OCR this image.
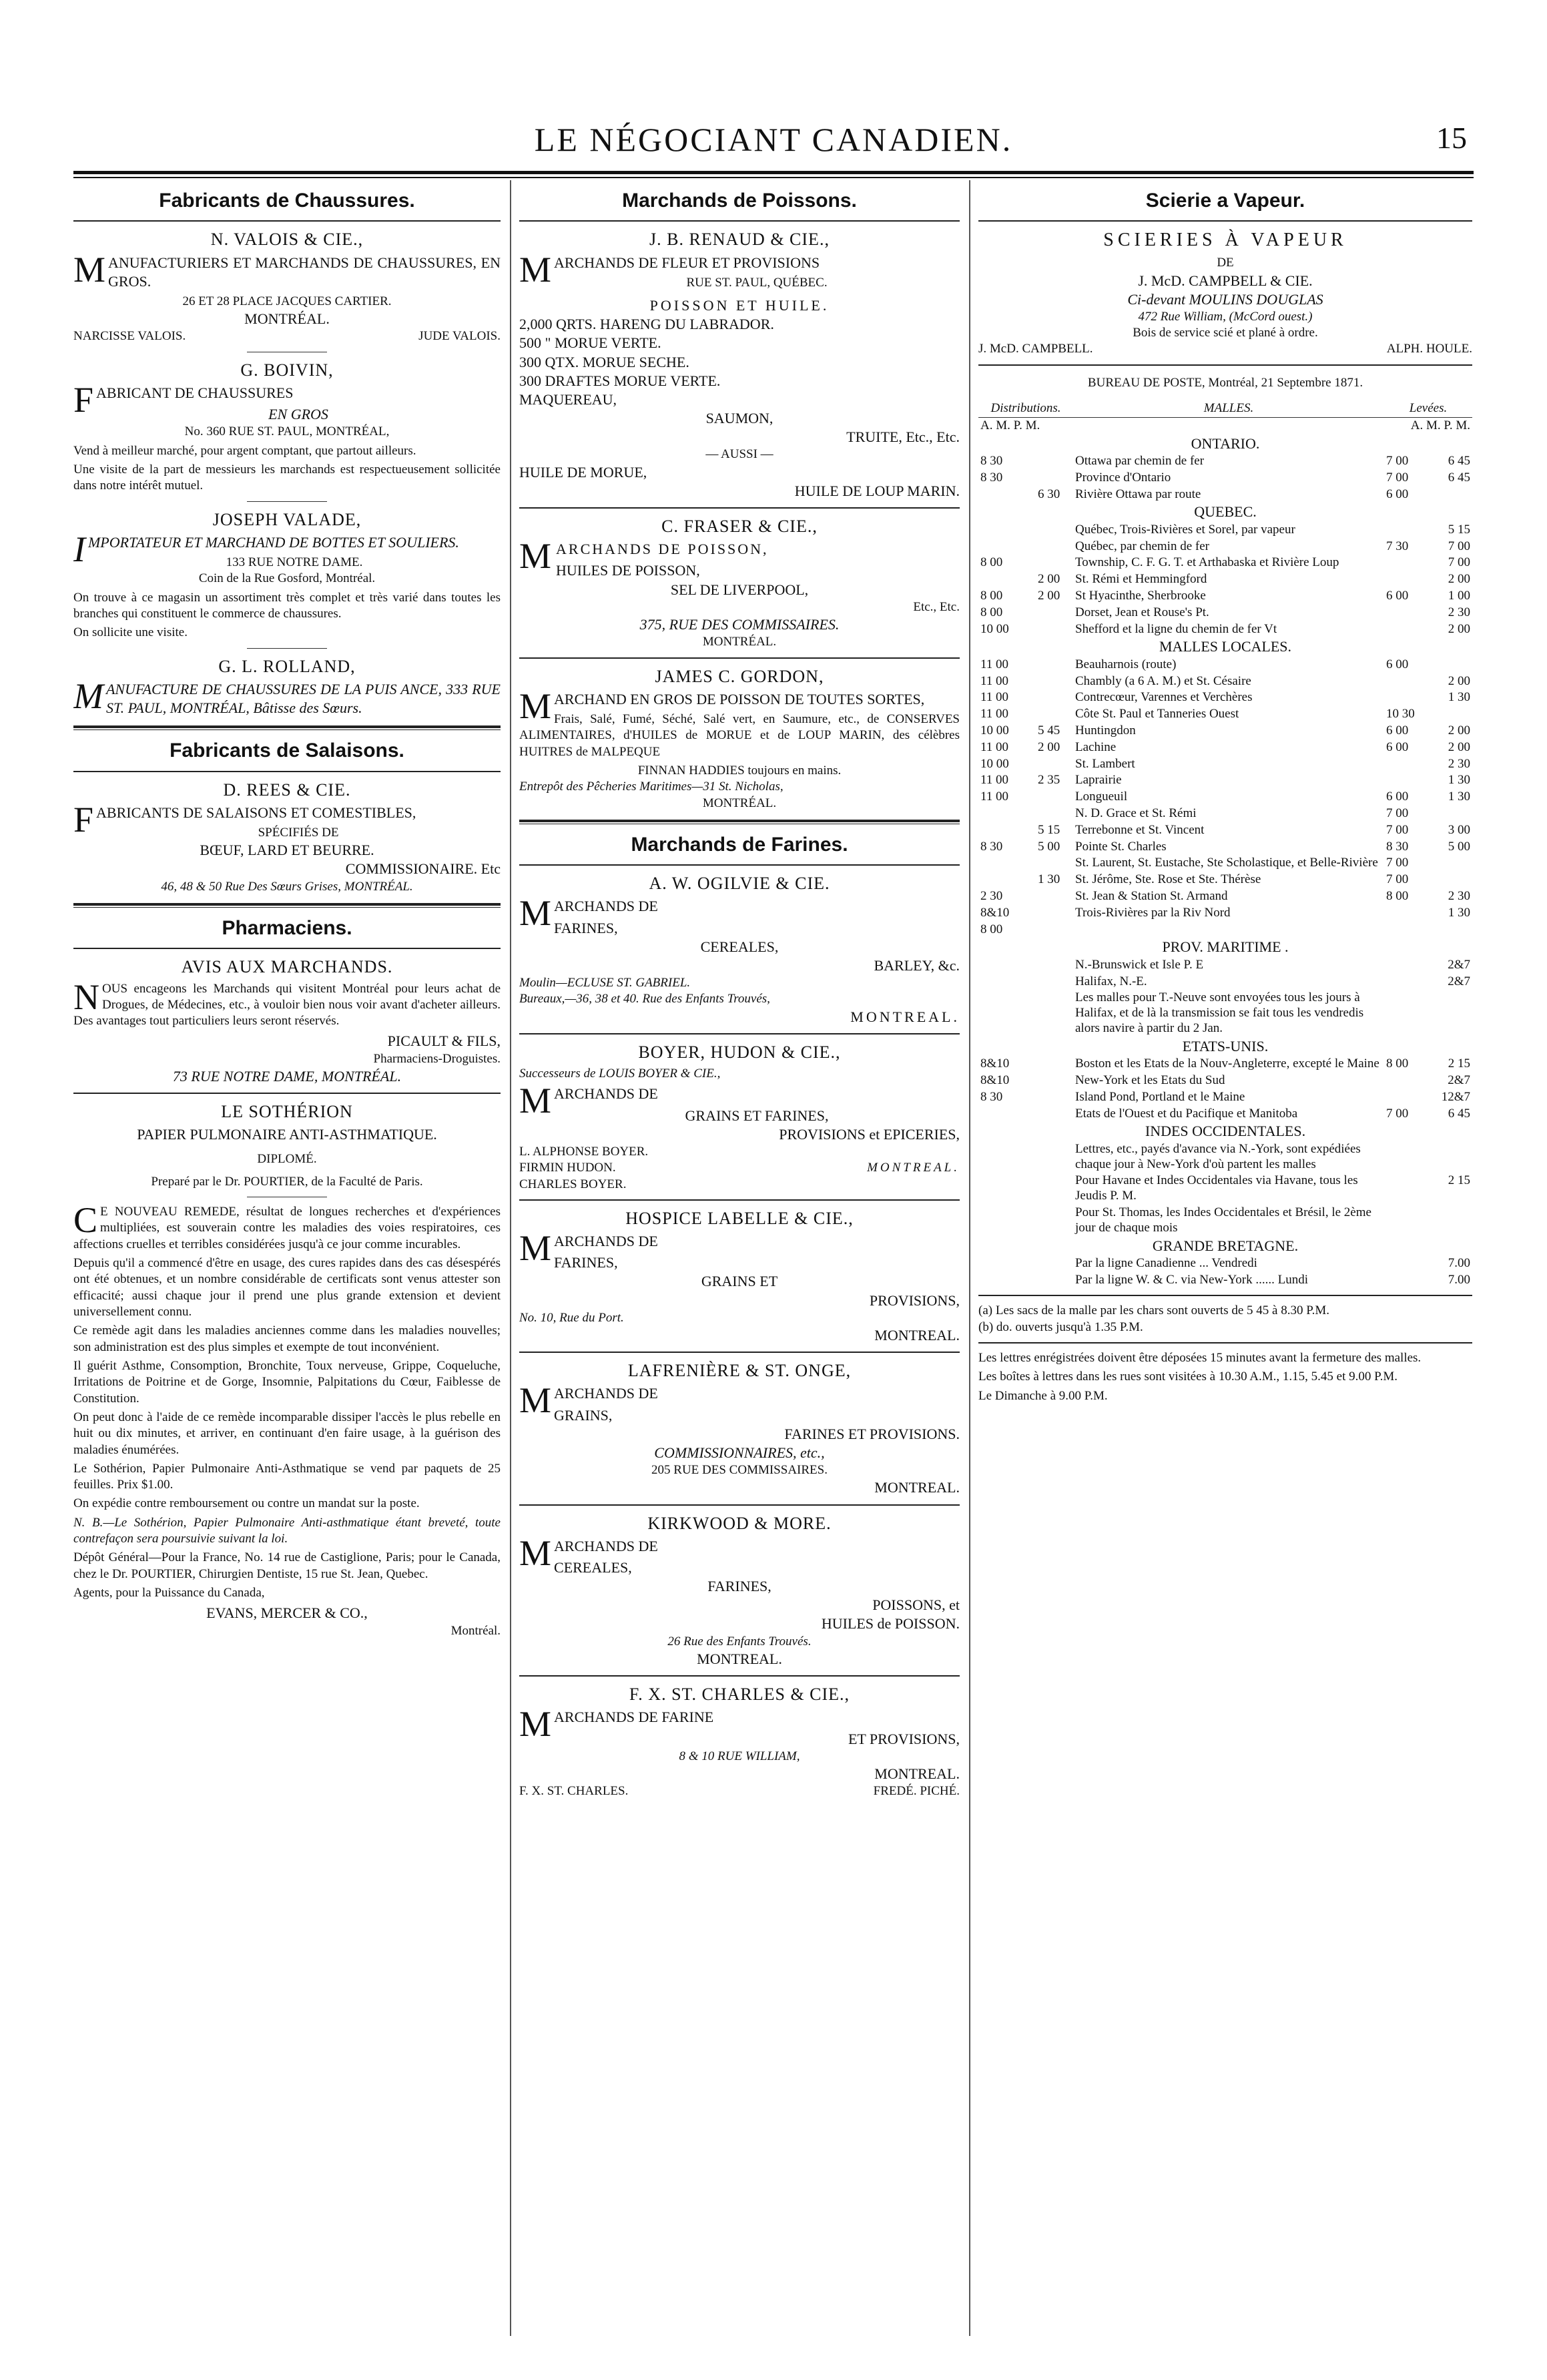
LE NÉGOCIANT CANADIEN.	15
Fabricants de Chaussures.
N. VALOIS & CIE.,
MANUFACTURIERS ET MARCHANDS DE CHAUSSURES, EN GROS.
26 ET 28 PLACE JACQUES CARTIER.
MONTRÉAL.
NARCISSE VALOIS.	JUDE VALOIS.
G. BOIVIN,
FABRICANT DE CHAUSSURES
EN GROS
No. 360 RUE ST. PAUL, MONTRÉAL,
Vend à meilleur marché, pour argent comptant, que partout ailleurs.
Une visite de la part de messieurs les marchands est respectueusement sollicitée dans notre intérêt mutuel.
JOSEPH VALADE,
IMPORTATEUR ET MARCHAND DE BOTTES ET SOULIERS.
133 RUE NOTRE DAME.
Coin de la Rue Gosford, Montréal.
On trouve à ce magasin un assortiment très complet et très varié dans toutes les branches qui constituent le commerce de chaussures.
On sollicite une visite.
G. L. ROLLAND,
MANUFACTURE DE CHAUSSURES DE LA PUIS ANCE, 333 RUE ST. PAUL, MONTRÉAL, Bâtisse des Sœurs.
Fabricants de Salaisons.
D. REES & CIE.
FABRICANTS DE SALAISONS ET COMESTIBLES,
SPÉCIFIÉS DE
BŒUF, LARD ET BEURRE.
COMMISSIONAIRE. Etc
46, 48 & 50 Rue Des Sœurs Grises, MONTRÉAL.
Pharmaciens.
AVIS AUX MARCHANDS.
NOUS encageons les Marchands qui visitent Montréal pour leurs achat de Drogues, de Médecines, etc., à vouloir bien nous voir avant d'acheter ailleurs. Des avantages tout particuliers leurs seront réservés.
PICAULT & FILS,
Pharmaciens-Droguistes.
73 RUE NOTRE DAME, MONTRÉAL.
LE SOTHÉRION
PAPIER PULMONAIRE ANTI-ASTHMATIQUE.
DIPLOMÉ.
Preparé par le Dr. POURTIER, de la Faculté de Paris.
CE NOUVEAU REMEDE, résultat de longues recherches et d'expériences multipliées, est souverain contre les maladies des voies respiratoires, ces affections cruelles et terribles considérées jusqu'à ce jour comme incurables.
Depuis qu'il a commencé d'être en usage, des cures rapides dans des cas désespérés ont été obtenues, et un nombre considérable de certificats sont venus attester son efficacité; aussi chaque jour il prend une plus grande extension et devient universellement connu.
Ce remède agit dans les maladies anciennes comme dans les maladies nouvelles; son administration est des plus simples et exempte de tout inconvénient.
Il guérit Asthme, Consomption, Bronchite, Toux nerveuse, Grippe, Coqueluche, Irritations de Poitrine et de Gorge, Insomnie, Palpitations du Cœur, Faiblesse de Constitution.
On peut donc à l'aide de ce remède incomparable dissiper l'accès le plus rebelle en huit ou dix minutes, et arriver, en continuant d'en faire usage, à la guérison des maladies énumérées.
Le Sothérion, Papier Pulmonaire Anti-Asthmatique se vend par paquets de 25 feuilles. Prix $1.00.
On expédie contre remboursement ou contre un mandat sur la poste.
N. B.—Le Sothérion, Papier Pulmonaire Anti-asthmatique étant breveté, toute contrefaçon sera poursuivie suivant la loi.
Dépôt Général—Pour la France, No. 14 rue de Castiglione, Paris; pour le Canada, chez le Dr. POURTIER, Chirurgien Dentiste, 15 rue St. Jean, Quebec.
Agents, pour la Puissance du Canada,
EVANS, MERCER & CO.,
Montréal.
Marchands de Poissons.
J. B. RENAUD & CIE.,
MARCHANDS DE FLEUR ET PROVISIONS
RUE ST. PAUL, QUÉBEC.
POISSON ET HUILE.
2,000 QRTS. HARENG DU LABRADOR.
500 " MORUE VERTE.
300 QTX. MORUE SECHE.
300 DRAFTES MORUE VERTE.
MAQUEREAU,
SAUMON,
TRUITE, Etc., Etc.
— AUSSI —
HUILE DE MORUE,
HUILE DE LOUP MARIN.
C. FRASER & CIE.,
MARCHANDS DE POISSON,
HUILES DE POISSON,
SEL DE LIVERPOOL,
Etc., Etc.
375, RUE DES COMMISSAIRES.
MONTRÉAL.
JAMES C. GORDON,
MARCHAND EN GROS DE POISSON DE TOUTES SORTES,
Frais, Salé, Fumé, Séché, Salé vert, en Saumure, etc., de CONSERVES ALIMENTAIRES, d'HUILES de MORUE et de LOUP MARIN, des célèbres HUITRES de MALPEQUE
FINNAN HADDIES toujours en mains.
Entrepôt des Pêcheries Maritimes—31 St. Nicholas,
MONTRÉAL.
Marchands de Farines.
A. W. OGILVIE & CIE.
MARCHANDS DE
FARINES,
CEREALES,
BARLEY, &c.
Moulin—ECLUSE ST. GABRIEL.
Bureaux,—36, 38 et 40. Rue des Enfants Trouvés,
MONTREAL.
BOYER, HUDON & CIE.,
Successeurs de LOUIS BOYER & CIE.,
MARCHANDS DE
GRAINS ET FARINES,
PROVISIONS et EPICERIES,
L. ALPHONSE BOYER.
FIRMIN HUDON.	MONTREAL.
CHARLES BOYER.
HOSPICE LABELLE & CIE.,
MARCHANDS DE
FARINES,
GRAINS ET
PROVISIONS,
No. 10, Rue du Port.
MONTREAL.
LAFRENIÈRE & ST. ONGE,
MARCHANDS DE
GRAINS,
FARINES ET PROVISIONS.
COMMISSIONNAIRES, etc.,
205 RUE DES COMMISSAIRES.
MONTREAL.
KIRKWOOD & MORE.
MARCHANDS DE
CEREALES,
FARINES,
POISSONS, et
HUILES de POISSON.
26 Rue des Enfants Trouvés.
MONTREAL.
F. X. ST. CHARLES & CIE.,
MARCHANDS DE FARINE
ET PROVISIONS,
8 & 10 RUE WILLIAM,
MONTREAL.
F. X. ST. CHARLES.	FREDÉ. PICHÉ.
Scierie a Vapeur.
SCIERIES À VAPEUR
DE
J. McD. CAMPBELL & CIE.
Ci-devant MOULINS DOUGLAS
472 Rue William, (McCord ouest.)
Bois de service scié et plané à ordre.
J. McD. CAMPBELL.	ALPH. HOULE.
BUREAU DE POSTE, Montréal, 21 Septembre 1871.
Distributions.		MALLES.	Levées.	
A. M. P. M.			A. M. P. M.	
ONTARIO.				
8 30		Ottawa par chemin de fer	7 00	6 45
8 30		Province d'Ontario	7 00	6 45
	6 30	Rivière Ottawa par route	6 00	
QUEBEC.				
		Québec, Trois-Rivières et Sorel, par vapeur		5 15
		Québec, par chemin de fer	7 30	7 00
8 00		Township, C. F. G. T. et Arthabaska et Rivière Loup		7 00
	2 00	St. Rémi et Hemmingford		2 00
8 00	2 00	St Hyacinthe, Sherbrooke	6 00	1 00
8 00		Dorset, Jean et Rouse's Pt.		2 30
10 00		Shefford et la ligne du chemin de fer Vt		2 00
MALLES LOCALES.				
11 00		Beauharnois (route)	6 00	
11 00		Chambly (a 6 A. M.) et St. Césaire		2 00
11 00		Contrecœur, Varennes et Verchères		1 30
11 00		Côte St. Paul et Tanneries Ouest	10 30	
10 00	5 45	Huntingdon	6 00	2 00
11 00	2 00	Lachine	6 00	2 00
10 00		St. Lambert		2 30
11 00	2 35	Laprairie		1 30
11 00		Longueuil	6 00	1 30
		N. D. Grace et St. Rémi	7 00	
	5 15	Terrebonne et St. Vincent	7 00	3 00
8 30	5 00	Pointe St. Charles	8 30	5 00
		St. Laurent, St. Eustache, Ste Scholastique, et Belle-Rivière	7 00	
	1 30	St. Jérôme, Ste. Rose et Ste. Thérèse	7 00	
2 30		St. Jean & Station St. Armand	8 00	2 30
8&10		Trois-Rivières par la Riv Nord		1 30
8 00				
PROV. MARITIME .				
		N.-Brunswick et Isle P. E		2&7
		Halifax, N.-E.		2&7
		Les malles pour T.-Neuve sont envoyées tous les jours à Halifax, et de là la transmission se fait tous les vendredis alors navire à partir du 2 Jan.		
ETATS-UNIS.				
8&10		Boston et les Etats de la Nouv-Angleterre, excepté le Maine	8 00	2 15
8&10		New-York et les Etats du Sud		2&7
8 30		Island Pond, Portland et le Maine		12&7
		Etats de l'Ouest et du Pacifique et Manitoba	7 00	6 45
INDES OCCIDENTALES.				
		Lettres, etc., payés d'avance via N.-York, sont expédiées chaque jour à New-York d'où partent les malles		
		Pour Havane et Indes Occidentales via Havane, tous les Jeudis P. M.		2 15
		Pour St. Thomas, les Indes Occidentales et Brésil, le 2ème jour de chaque mois		
GRANDE BRETAGNE.				
		Par la ligne Canadienne ... Vendredi		7.00
		Par la ligne W. & C. via New-York ...... Lundi		7.00
(a) Les sacs de la malle par les chars sont ouverts de 5 45 à 8.30 P.M.
(b) do. ouverts jusqu'à 1.35 P.M.
Les lettres enrégistrées doivent être déposées 15 minutes avant la fermeture des malles.
Les boîtes à lettres dans les rues sont visitées à 10.30 A.M., 1.15, 5.45 et 9.00 P.M.
Le Dimanche à 9.00 P.M.
